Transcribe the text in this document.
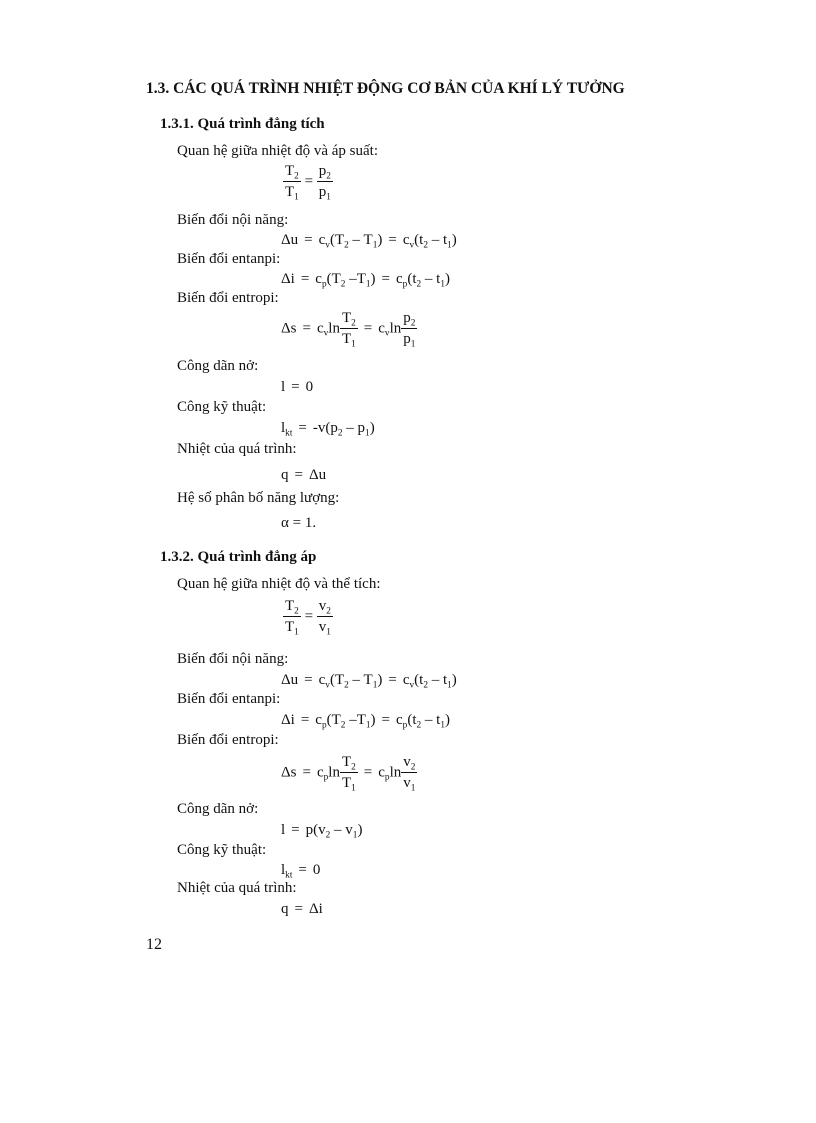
1.3. CÁC QUÁ TRÌNH NHIỆT ĐỘNG CƠ BẢN CỦA KHÍ LÝ TƯỞNG
1.3.1. Quá trình đẳng tích
Quan hệ giữa nhiệt độ và áp suất:
$\frac{T_2}{T_1} = \frac{p_2}{p_1}$
Biến đổi nội năng:
$\Delta u = c_v(T_2 - T_1) = c_v(t_2 - t_1)$
Biến đổi entanpi:
$\Delta i = c_p(T_2$ $-T_1) = c_p(t_2 - t_1)$
Biến đổi entropi:
$\Delta s = c_v\ln \frac{T_2}{T_1} = c_v\ln \frac{p_2}{p_1}$
Công dãn nở:
l = 0
Công kỹ thuật:
$l_{kt} = -v(p_2 - p_1)$
Nhiệt của quá trình:
q = Δu
Hệ số phân bố năng lượng:
α = 1.
1.3.2. Quá trình đẳng áp
Quan hệ giữa nhiệt độ và thể tích:
$\frac{T_2}{T_1} = \frac{v_2}{v_1}$
Biến đổi nội năng:
$\Delta u = c_v(T_2 - T_1) = c_v(t_2 - t_1)$
Biến đổi entanpi:
$\Delta i = c_p(T_2$ $-T_1) = c_p(t_2 - t_1)$
Biến đổi entropi:
$\Delta s = c_p\ln \frac{T_2}{T_1} = c_p\ln \frac{v_2}{v_1}$
Công dãn nở:
$l = p(v_2 - v_1)$
Công kỹ thuật:
$l_{kt} = 0$
Nhiệt của quá trình:
q = Δi
12
